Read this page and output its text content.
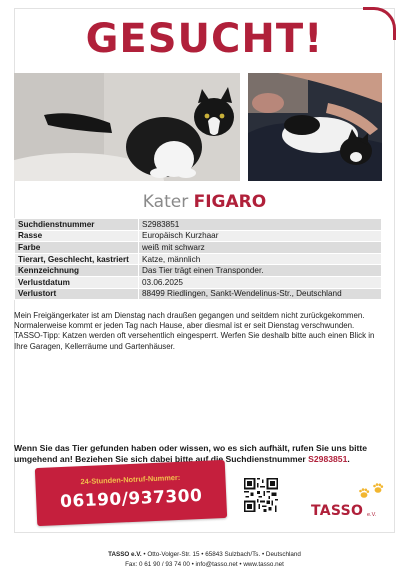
GESUCHT!
Kater FIGARO
Suchdienstnummer	S2983851
Rasse	Europäisch Kurzhaar
Farbe	weiß mit schwarz
Tierart, Geschlecht, kastriert	Katze, männlich
Kennzeichnung	Das Tier trägt einen Transponder.
Verlustdatum	03.06.2025
Verlustort	88499 Riedlingen, Sankt-Wendelinus-Str., Deutschland
Mein Freigängerkater ist am Dienstag nach draußen gegangen und seitdem nicht zurückgekommen. Normalerweise kommt er jeden Tag nach Hause, aber diesmal ist er seit Dienstag verschwunden. TASSO-Tipp: Katzen werden oft versehentlich eingesperrt. Werfen Sie deshalb bitte auch einen Blick in Ihre Garagen, Kellerräume und Gartenhäuser.
Wenn Sie das Tier gefunden haben oder wissen, wo es sich aufhält, rufen Sie uns bitte umgehend an! Beziehen Sie sich dabei bitte auf die Suchdienstnummer S2983851.
24-Stunden-Notruf-Nummer:
06190/937300	TASSO e.V.
TASSO e.V. • Otto-Volger-Str. 15 • 65843 Sulzbach/Ts. • Deutschland
Fax: 0 61 90 / 93 74 00 • info@tasso.net • www.tasso.net
